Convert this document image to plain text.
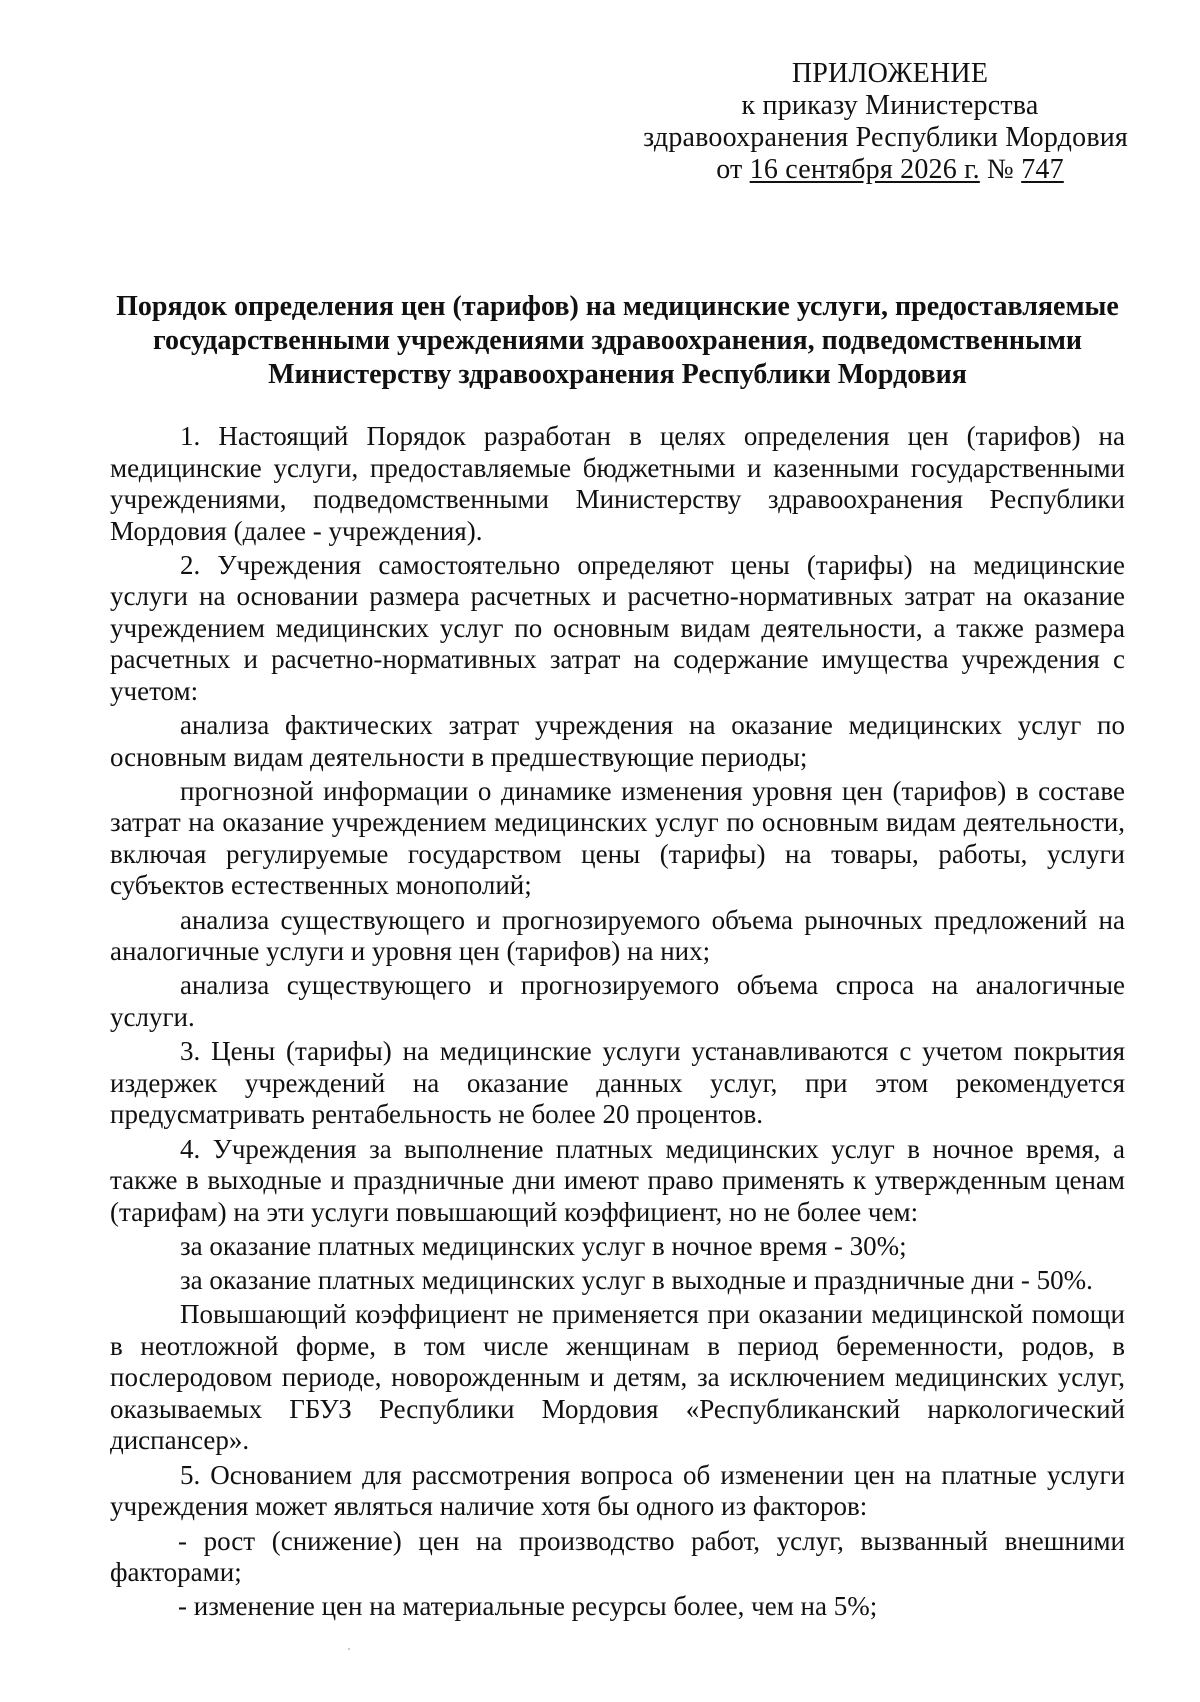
ПРИЛОЖЕНИЕ
к приказу Министерства
здравоохранения Республики Мордовия
от 16 сентября 2026 г. № 747
Порядок определения цен (тарифов) на медицинские услуги, предоставляемые
государственными учреждениями здравоохранения, подведомственными
Министерству здравоохранения Республики Мордовия

1. Настоящий Порядок разработан в целях определения цен (тарифов) на медицинские услуги, предоставляемые бюджетными и казенными государственными учреждениями, подведомственными Министерству здравоохранения Республики Мордовия (далее - учреждения).

2. Учреждения самостоятельно определяют цены (тарифы) на медицинские услуги на основании размера расчетных и расчетно-нормативных затрат на оказание учреждением медицинских услуг по основным видам деятельности, а также размера расчетных и расчетно-нормативных затрат на содержание имущества учреждения с учетом:

анализа фактических затрат учреждения на оказание медицинских услуг по основным видам деятельности в предшествующие периоды;

прогнозной информации о динамике изменения уровня цен (тарифов) в составе затрат на оказание учреждением медицинских услуг по основным видам деятельности, включая регулируемые государством цены (тарифы) на товары, работы, услуги субъектов естественных монополий;

анализа существующего и прогнозируемого объема рыночных предложений на аналогичные услуги и уровня цен (тарифов) на них;

анализа существующего и прогнозируемого объема спроса на аналогичные услуги.

3. Цены (тарифы) на медицинские услуги устанавливаются с учетом покрытия издержек учреждений на оказание данных услуг, при этом рекомендуется предусматривать рентабельность не более 20 процентов.

4. Учреждения за выполнение платных медицинских услуг в ночное время, а также в выходные и праздничные дни имеют право применять к утвержденным ценам (тарифам) на эти услуги повышающий коэффициент, но не более чем:

за оказание платных медицинских услуг в ночное время - 30%;

за оказание платных медицинских услуг в выходные и праздничные дни - 50%.

Повышающий коэффициент не применяется при оказании медицинской помощи в неотложной форме, в том числе женщинам в период беременности, родов, в послеродовом периоде, новорожденным и детям, за исключением медицинских услуг, оказываемых ГБУЗ Республики Мордовия «Республиканский наркологический диспансер».

5. Основанием для рассмотрения вопроса об изменении цен на платные услуги учреждения может являться наличие хотя бы одного из факторов:

- рост (снижение) цен на производство работ, услуг, вызванный внешними факторами;

- изменение цен на материальные ресурсы более, чем на 5%;
